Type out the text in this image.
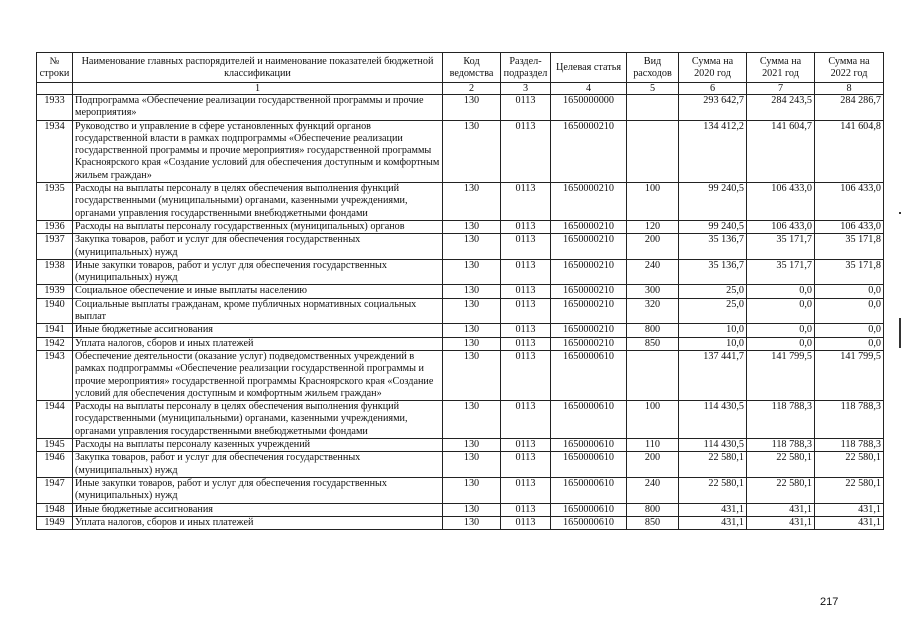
№ строки	Наименование главных распорядителей и наименование показателей бюджетной классификации	Код ведомства	Раздел-подраздел	Целевая статья	Вид расходов	Сумма на 2020 год	Сумма на 2021 год	Сумма на 2022 год
	1	2	3	4	5	6	7	8
1933	Подпрограмма «Обеспечение реализации государственной программы и прочие мероприятия»	130	0113	1650000000		293 642,7	284 243,5	284 286,7
1934	Руководство и управление в сфере установленных функций органов государственной власти в рамках подпрограммы «Обеспечение реализации государственной программы и прочие мероприятия» государственной программы Красноярского края «Создание условий для обеспечения доступным и комфортным жильем граждан»	130	0113	1650000210		134 412,2	141 604,7	141 604,8
1935	Расходы на выплаты персоналу в целях обеспечения выполнения функций государственными (муниципальными) органами, казенными учреждениями, органами управления государственными внебюджетными фондами	130	0113	1650000210	100	99 240,5	106 433,0	106 433,0
1936	Расходы на выплаты персоналу государственных (муниципальных) органов	130	0113	1650000210	120	99 240,5	106 433,0	106 433,0
1937	Закупка товаров, работ и услуг для обеспечения государственных (муниципальных) нужд	130	0113	1650000210	200	35 136,7	35 171,7	35 171,8
1938	Иные закупки товаров, работ и услуг для обеспечения государственных (муниципальных) нужд	130	0113	1650000210	240	35 136,7	35 171,7	35 171,8
1939	Социальное обеспечение и иные выплаты населению	130	0113	1650000210	300	25,0	0,0	0,0
1940	Социальные выплаты гражданам, кроме публичных нормативных социальных выплат	130	0113	1650000210	320	25,0	0,0	0,0
1941	Иные бюджетные ассигнования	130	0113	1650000210	800	10,0	0,0	0,0
1942	Уплата налогов, сборов и иных платежей	130	0113	1650000210	850	10,0	0,0	0,0
1943	Обеспечение деятельности (оказание услуг) подведомственных учреждений в рамках подпрограммы «Обеспечение реализации государственной программы и прочие мероприятия» государственной программы Красноярского края «Создание условий для обеспечения доступным и комфортным жильем граждан»	130	0113	1650000610		137 441,7	141 799,5	141 799,5
1944	Расходы на выплаты персоналу в целях обеспечения выполнения функций государственными (муниципальными) органами, казенными учреждениями, органами управления государственными внебюджетными фондами	130	0113	1650000610	100	114 430,5	118 788,3	118 788,3
1945	Расходы на выплаты персоналу казенных учреждений	130	0113	1650000610	110	114 430,5	118 788,3	118 788,3
1946	Закупка товаров, работ и услуг для обеспечения государственных (муниципальных) нужд	130	0113	1650000610	200	22 580,1	22 580,1	22 580,1
1947	Иные закупки товаров, работ и услуг для обеспечения государственных (муниципальных) нужд	130	0113	1650000610	240	22 580,1	22 580,1	22 580,1
1948	Иные бюджетные ассигнования	130	0113	1650000610	800	431,1	431,1	431,1
1949	Уплата налогов, сборов и иных платежей	130	0113	1650000610	850	431,1	431,1	431,1
217
